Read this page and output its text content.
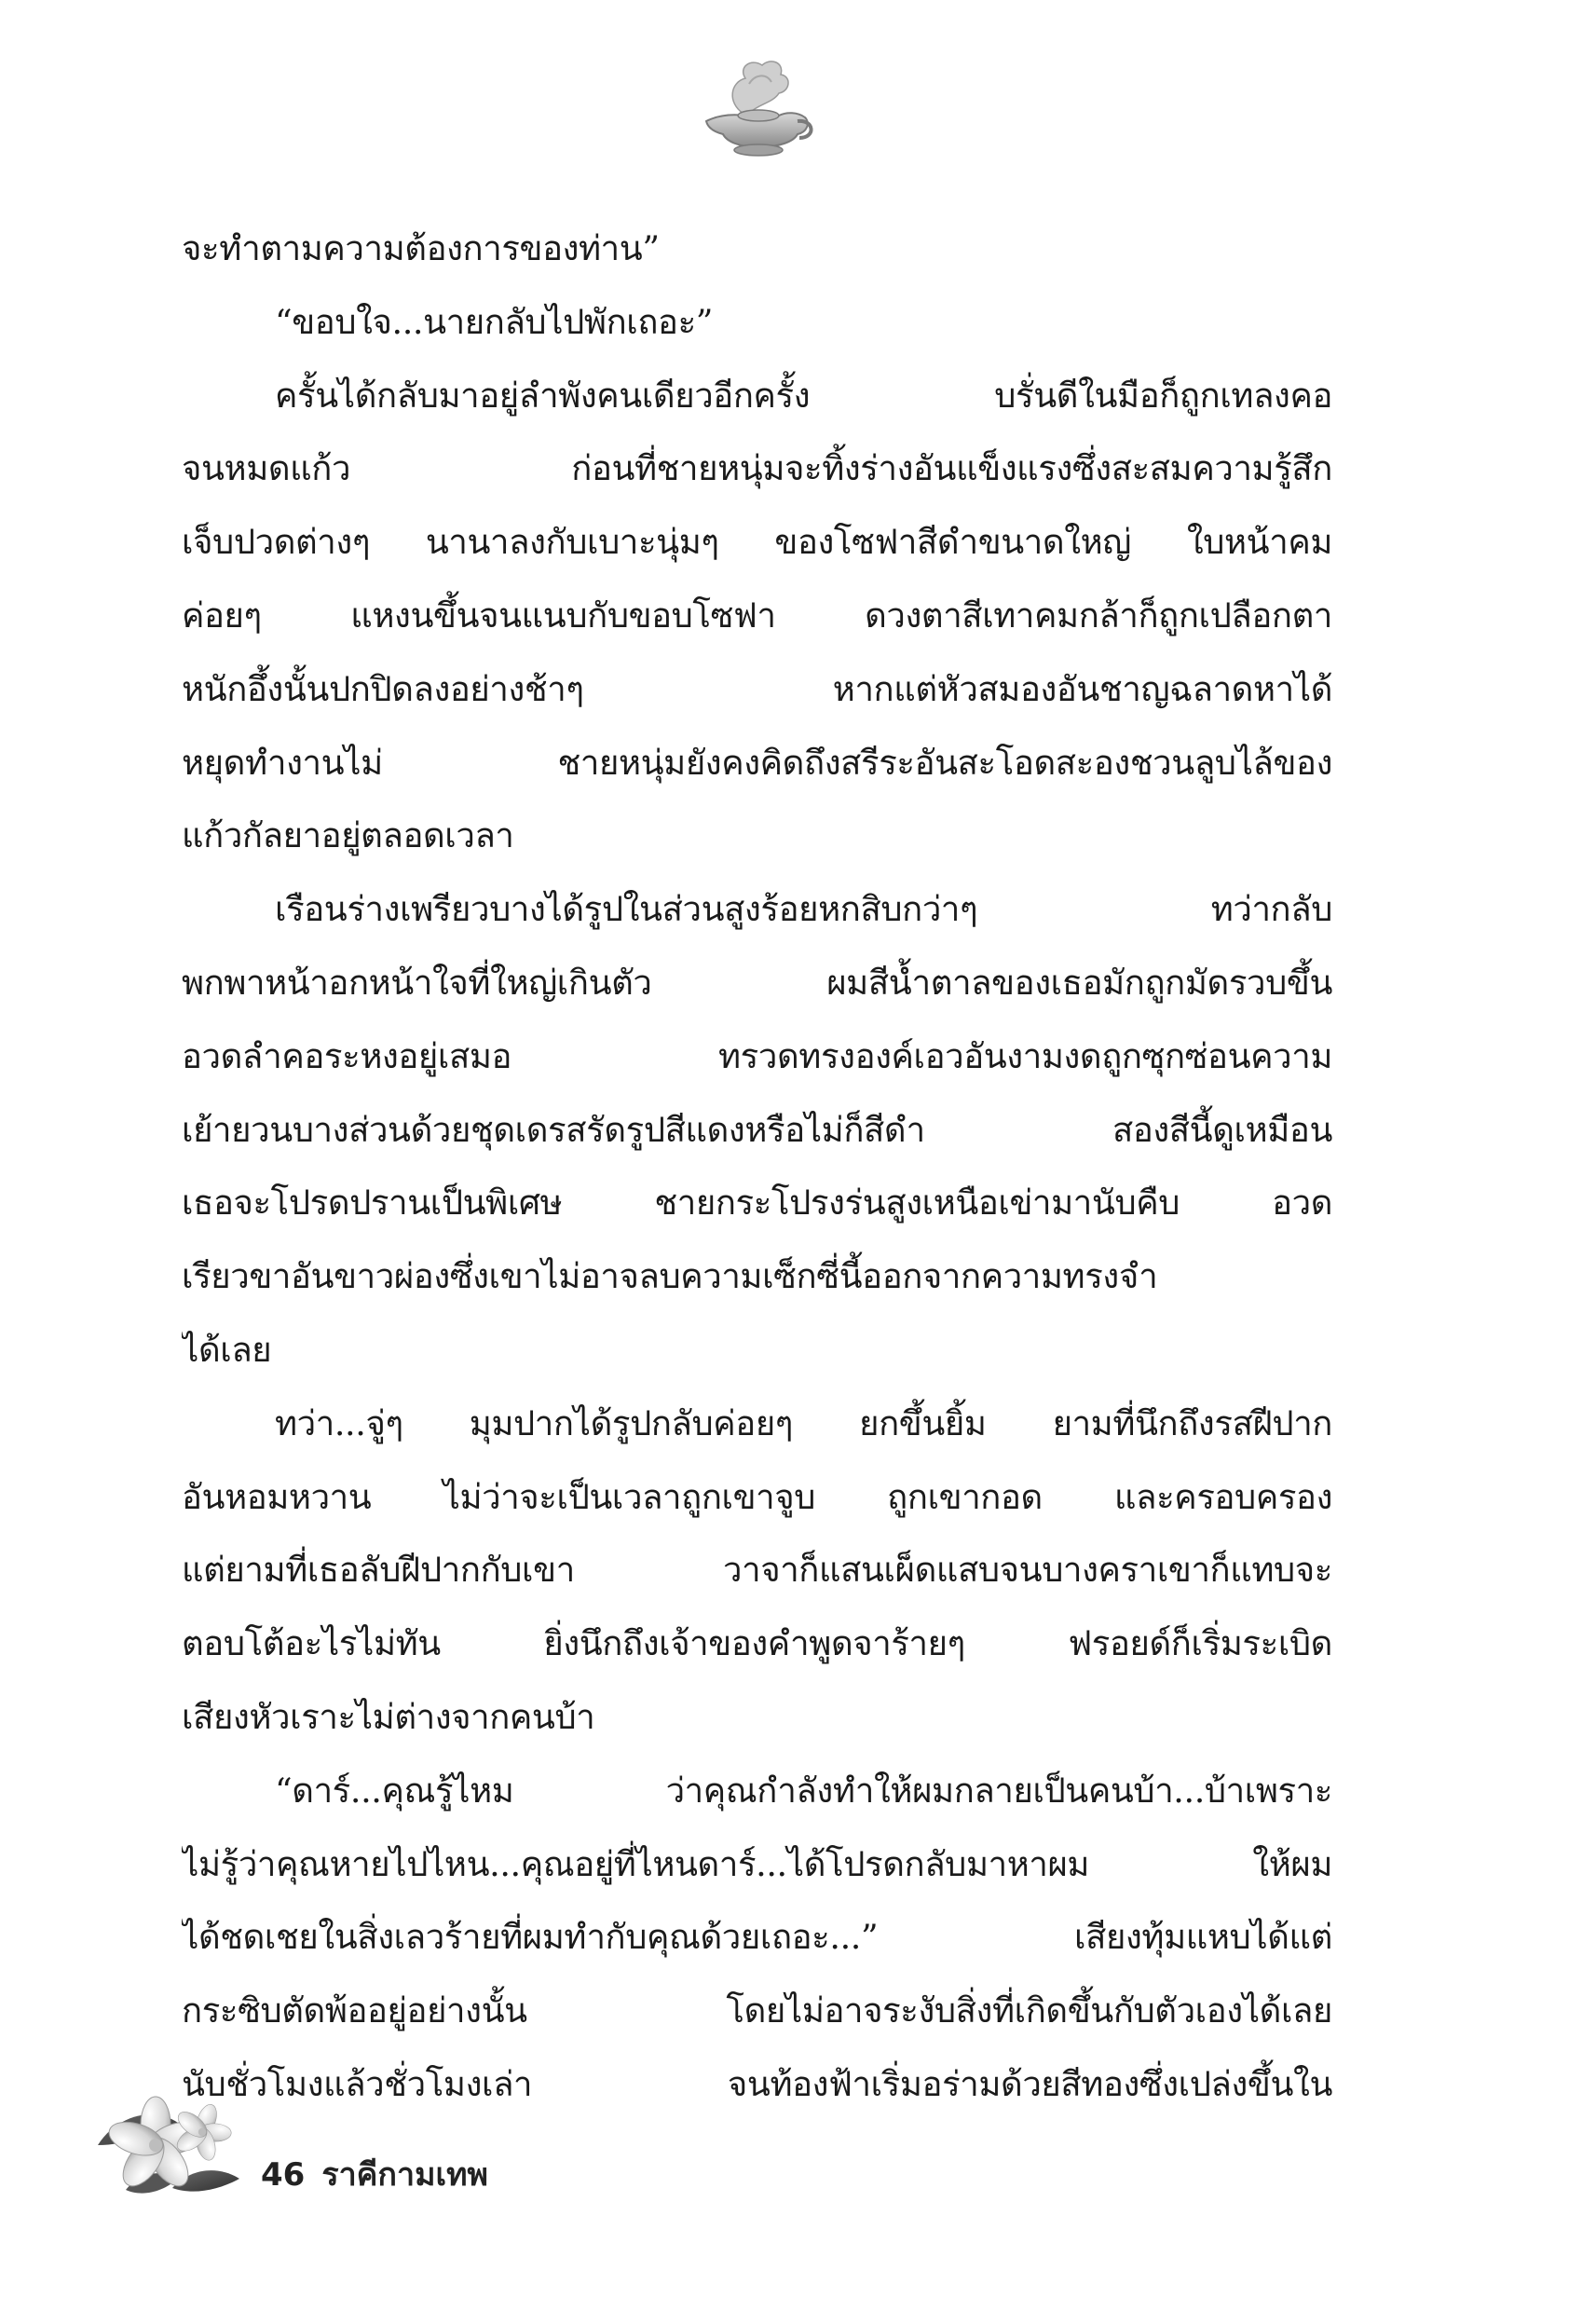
จะทำตามความต้องการของท่าน”
“ขอบใจ...นายกลับไปพักเถอะ”
ครั้นได้กลับมาอยู่ลำพังคนเดียวอีกครั้ง บรั่นดีในมือก็ถูกเทลงคอ
จนหมดแก้ว ก่อนที่ชายหนุ่มจะทิ้งร่างอันแข็งแรงซึ่งสะสมความรู้สึก
เจ็บปวดต่างๆ นานาลงกับเบาะนุ่มๆ ของโซฟาสีดำขนาดใหญ่ ใบหน้าคม
ค่อยๆ แหงนขึ้นจนแนบกับขอบโซฟา ดวงตาสีเทาคมกล้าก็ถูกเปลือกตา
หนักอึ้งนั้นปกปิดลงอย่างช้าๆ หากแต่หัวสมองอันชาญฉลาดหาได้
หยุดทำงานไม่ ชายหนุ่มยังคงคิดถึงสรีระอันสะโอดสะองชวนลูบไล้ของ
แก้วกัลยาอยู่ตลอดเวลา
เรือนร่างเพรียวบางได้รูปในส่วนสูงร้อยหกสิบกว่าๆ ทว่ากลับ
พกพาหน้าอกหน้าใจที่ใหญ่เกินตัว ผมสีน้ำตาลของเธอมักถูกมัดรวบขึ้น
อวดลำคอระหงอยู่เสมอ ทรวดทรงองค์เอวอันงามงดถูกซุกซ่อนความ
เย้ายวนบางส่วนด้วยชุดเดรสรัดรูปสีแดงหรือไม่ก็สีดำ สองสีนี้ดูเหมือน
เธอจะโปรดปรานเป็นพิเศษ ชายกระโปรงร่นสูงเหนือเข่ามานับคืบ อวด
เรียวขาอันขาวผ่องซึ่งเขาไม่อาจลบความเซ็กซี่นี้ออกจากความทรงจำ
ได้เลย
ทว่า...จู่ๆ มุมปากได้รูปกลับค่อยๆ ยกขึ้นยิ้ม ยามที่นึกถึงรสฝีปาก
อันหอมหวาน ไม่ว่าจะเป็นเวลาถูกเขาจูบ ถูกเขากอด และครอบครอง
แต่ยามที่เธอลับฝีปากกับเขา วาจาก็แสนเผ็ดแสบจนบางคราเขาก็แทบจะ
ตอบโต้อะไรไม่ทัน ยิ่งนึกถึงเจ้าของคำพูดจาร้ายๆ ฟรอยด์ก็เริ่มระเบิด
เสียงหัวเราะไม่ต่างจากคนบ้า
“ดาร์...คุณรู้ไหม ว่าคุณกำลังทำให้ผมกลายเป็นคนบ้า...บ้าเพราะ
ไม่รู้ว่าคุณหายไปไหน...คุณอยู่ที่ไหนดาร์...ได้โปรดกลับมาหาผม ให้ผม
ได้ชดเชยในสิ่งเลวร้ายที่ผมทำกับคุณด้วยเถอะ...” เสียงทุ้มแหบได้แต่
กระซิบตัดพ้ออยู่อย่างนั้น โดยไม่อาจระงับสิ่งที่เกิดขึ้นกับตัวเองได้เลย
นับชั่วโมงแล้วชั่วโมงเล่า จนท้องฟ้าเริ่มอร่ามด้วยสีทองซึ่งเปล่งขึ้นใน
46 ราคีกามเทพ
